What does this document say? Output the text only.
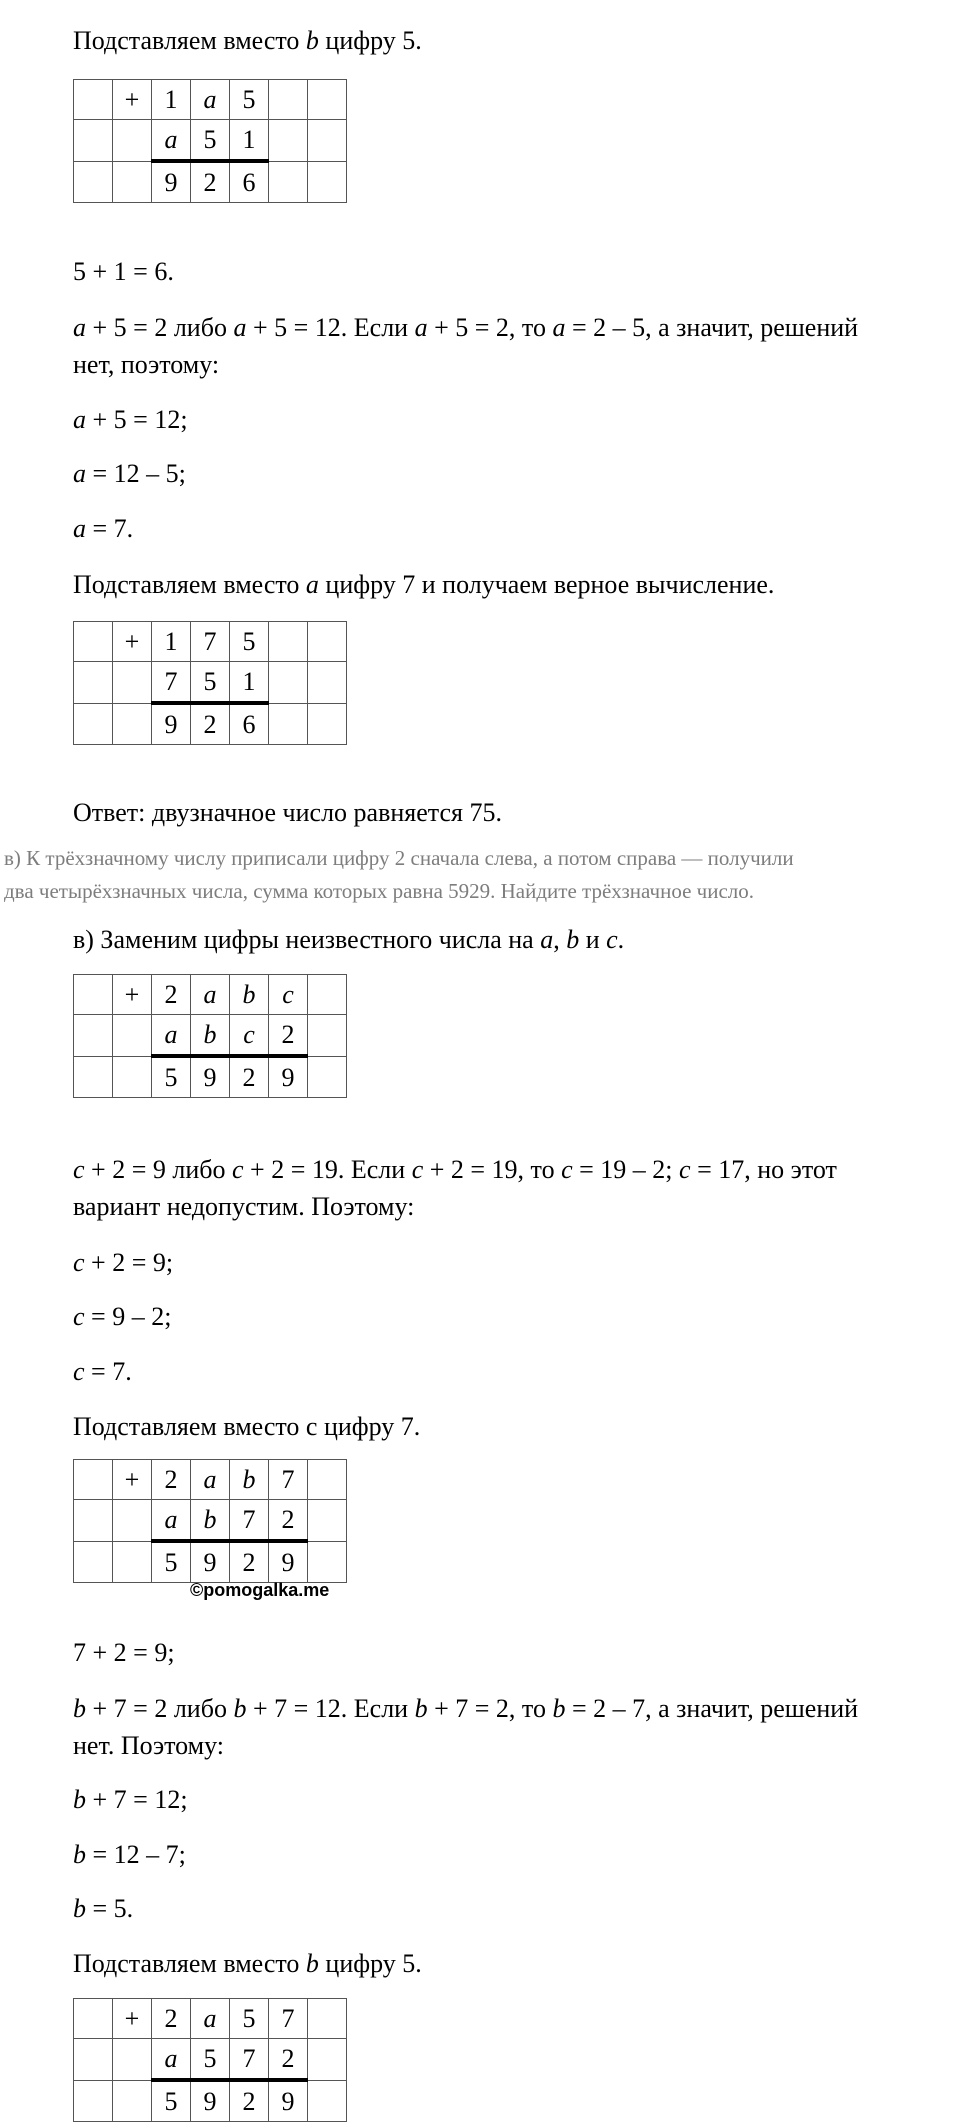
Подставляем вместо b цифру 5.

	+	1	a	5		
		a	5	1		
		9	2	6		

5 + 1 = 6.

a + 5 = 2 либо a + 5 = 12. Если a + 5 = 2, то a = 2 – 5, а значит, решений

нет, поэтому:

a + 5 = 12;

a = 12 – 5;

a = 7.

Подставляем вместо a цифру 7 и получаем верное вычисление.

	+	1	7	5		
		7	5	1		
		9	2	6		

Ответ: двузначное число равняется 75.

в) К трёхзначному числу приписали цифру 2 сначала слева, а потом справа — получили

два четырёхзначных числа, сумма которых равна 5929. Найдите трёхзначное число.

в) Заменим цифры неизвестного числа на a, b и c.

	+	2	a	b	c	
		a	b	c	2	
		5	9	2	9	

c + 2 = 9 либо c + 2 = 19. Если c + 2 = 19, то c = 19 – 2; c = 17, но этот

вариант недопустим. Поэтому:

c + 2 = 9;

c = 9 – 2;

c = 7.

Подставляем вместо с цифру 7.

	+	2	a	b	7	
		a	b	7	2	
		5	9	2	9	
©pomogalka.me

7 + 2 = 9;

b + 7 = 2 либо b + 7 = 12. Если b + 7 = 2, то b = 2 – 7, а значит, решений

нет. Поэтому:

b + 7 = 12;

b = 12 – 7;

b = 5.

Подставляем вместо b цифру 5.

	+	2	a	5	7	
		a	5	7	2	
		5	9	2	9	
